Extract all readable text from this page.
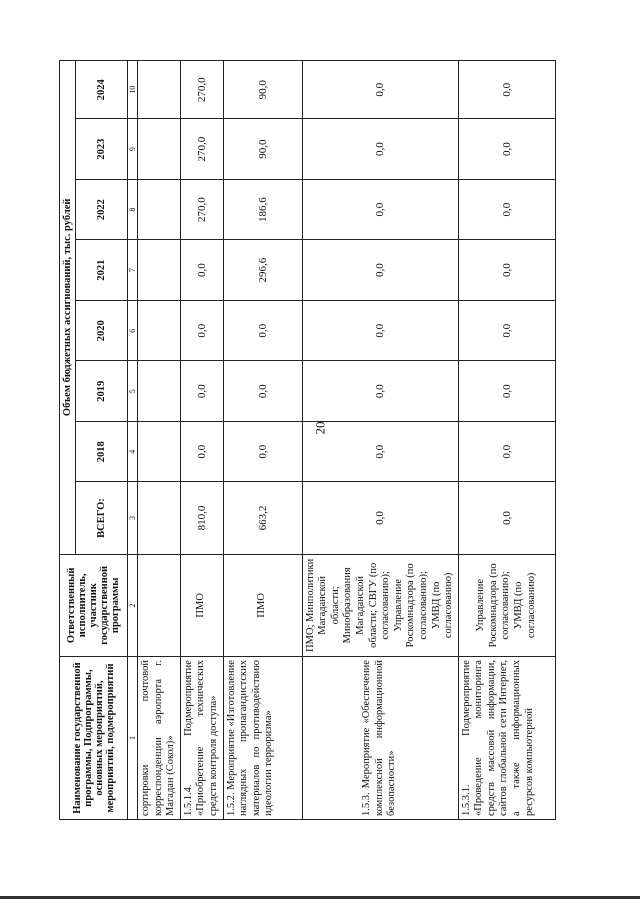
20
Наименование государственной программы, Подпрограммы, основных мероприятий, мероприятий, подмероприятий	Ответственный исполнитель, участник государственной программы	Объем бюджетных ассигнований, тыс. рублей							
		ВСЕГО:	2018	2019	2020	2021	2022	2023	2024
1	2	3	4	5	6	7	8	9	10
сортировки почтовой корреспонденции аэропорта г. Магадан (Сокол)»									
1.5.1.4. Подмероприятие «Приобретение технических средств контроля доступа»	ПМО	810,0	0,0	0,0	0,0	0,0	270,0	270,0	270,0
1.5.2. Мероприятие «Изготовление наглядных пропагандистских материалов по противодействию идеологии терроризма»	ПМО	663,2	0,0	0,0	0,0	296,6	186,6	90,0	90,0
1.5.3. Мероприятие «Обеспечение комплексной информационной безопасности»	ПМО; Минполитики Магаданской области; Минобразования Магаданской области; СВГУ (по согласованию); Управление Роскомнадзора (по согласованию); УМВД (по согласованию)	0,0	0,0	0,0	0,0	0,0	0,0	0,0	0,0
1.5.3.1. Подмероприятие «Проведение мониторинга средств массовой информации, сайтов глобальной сети Интернет, а также информационных ресурсов компьютерной	Управление Роскомнадзора (по согласованию); УМВД (по согласованию)	0,0	0,0	0,0	0,0	0,0	0,0	0,0	0,0
